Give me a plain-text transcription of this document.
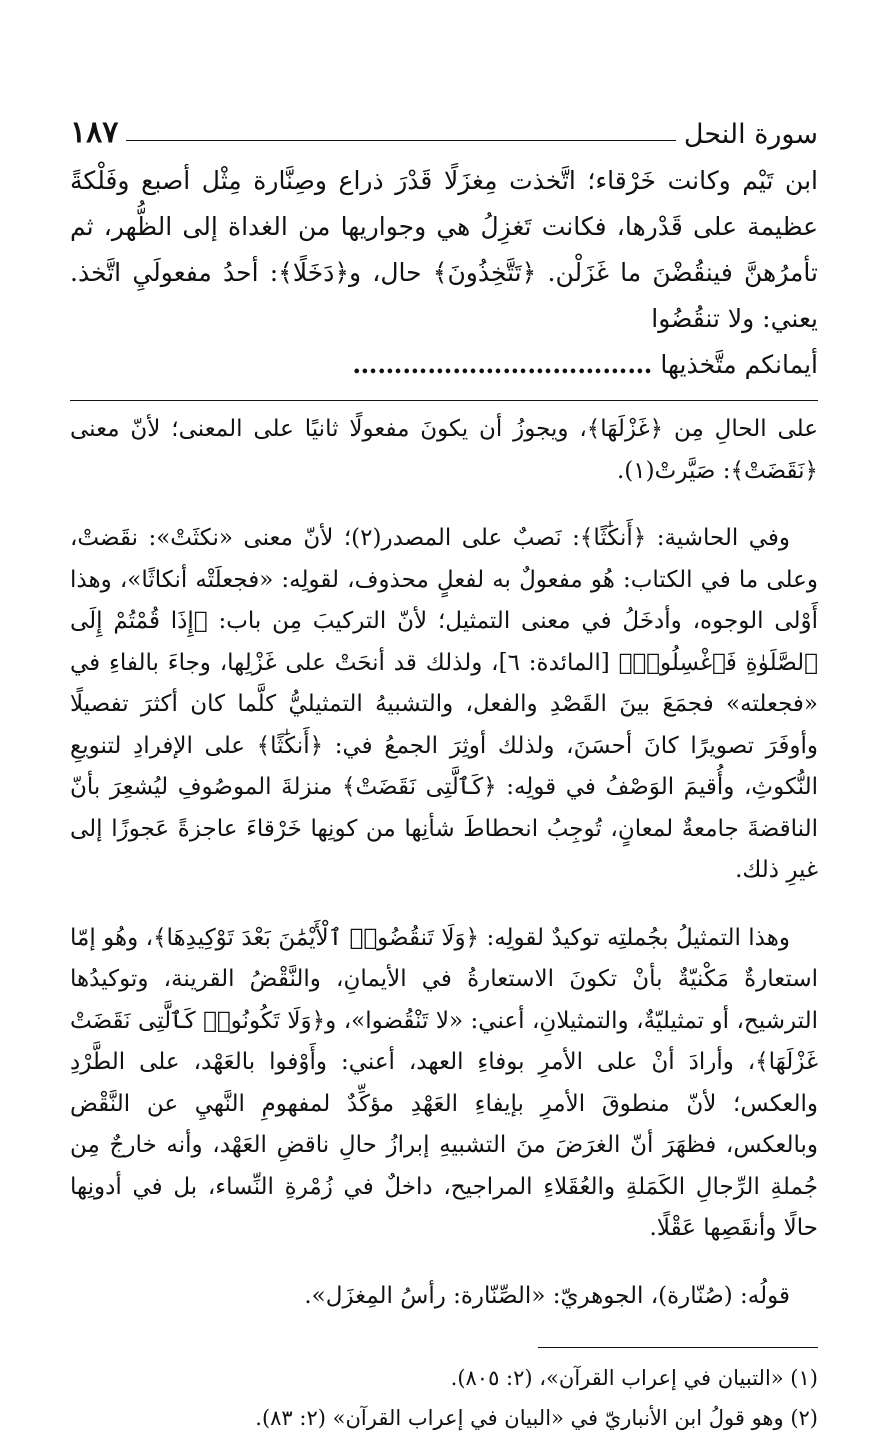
سورة النحل
١٨٧

ابن تَيْم وكانت خَرْقاء؛ اتَّخذت مِغزَلًا قَدْرَ ذراع وصِنَّارة مِثْل أصبع وفَلْكةً عظيمة على قَدْرها، فكانت تَغزِلُ هي وجواريها من الغداة إلى الظُّهر، ثم تأمرُهنَّ فينقُضْنَ ما غَزَلْن. ﴿تَتَّخِذُونَ﴾ حال، و﴿دَخَلًا﴾: أحدُ مفعولَيِ اتَّخذ. يعني: ولا تنقُضُوا

أيمانكم متَّخذيها ………………………………

على الحالِ مِن ﴿غَزْلَهَا﴾، ويجوزُ أن يكونَ مفعولًا ثانيًا على المعنى؛ لأنّ معنى ﴿نَقَضَتْ﴾: صَيَّرتْ(١).

وفي الحاشية: ﴿أَنكَٰثًا﴾: نَصبٌ على المصدر(٢)؛ لأنّ معنى «نكثَتْ»: نقَضتْ، وعلى ما في الكتاب: هُو مفعولٌ به لفعلٍ محذوف، لقولِه: «فجعلَتْه أنكاثًا»، وهذا أَوْلى الوجوه، وأدخَلُ في معنى التمثيل؛ لأنّ التركيبَ مِن باب: ﴿إِذَا قُمْتُمْ إِلَى ٱلصَّلَوٰةِ فَٱغْسِلُوا۟﴾ [المائدة: ٦]، ولذلك قد أنحَتْ على غَزْلِها، وجاءَ بالفاءِ في «فجعلته» فجمَعَ بينَ القَصْدِ والفعل، والتشبيهُ التمثيليُّ كلَّما كان أكثرَ تفصيلًا وأوفَرَ تصويرًا كانَ أحسَنَ، ولذلك أوثِرَ الجمعُ في: ﴿أَنكَٰثًا﴾ على الإفرادِ لتنويعِ النُّكوثِ، وأُقيمَ الوَصْفُ في قولِه: ﴿كَٱلَّتِى نَقَضَتْ﴾ منزلةَ الموصُوفِ ليُشعِرَ بأنّ الناقضةَ جامعةٌ لمعانٍ، تُوجِبُ انحطاطَ شأنِها من كونِها خَرْقاءَ عاجزةً عَجوزًا إلى غيرِ ذلك.

وهذا التمثيلُ بجُملتِه توكيدٌ لقولِه: ﴿وَلَا تَنقُضُوا۟ ٱلْأَيْمَٰنَ بَعْدَ تَوْكِيدِهَا﴾، وهُو إمّا استعارةٌ مَكْنيّةٌ بأنْ تكونَ الاستعارةُ في الأيمانِ، والنَّقْضُ القرينة، وتوكيدُها الترشيح، أو تمثيليّةٌ، والتمثيلانِ، أعني: «لا تَنْقُضوا»، و﴿وَلَا تَكُونُوا۟ كَٱلَّتِى نَقَضَتْ غَزْلَهَا﴾، وأرادَ أنْ على الأمرِ بوفاءِ العهد، أعني: وأَوْفوا بالعَهْد، على الطَّرْدِ والعكس؛ لأنّ منطوقَ الأمرِ بإيفاءِ العَهْدِ مؤكِّدٌ لمفهومِ النَّهيِ عن النَّقْض وبالعكس، فظهَرَ أنّ الغرَضَ منَ التشبيهِ إبرازُ حالِ ناقضِ العَهْد، وأنه خارجٌ مِن جُملةِ الرِّجالِ الكَمَلةِ والعُقَلاءِ المراجيح، داخلٌ في زُمْرةِ النِّساء، بل في أدونِها حالًا وأنقَصِها عَقْلًا.

قولُه: (صُنّارة)، الجوهريّ: «الصِّنّارة: رأسُ المِغزَل».

(١) «التبيان في إعراب القرآن»، (٢: ٨٠٥).
(٢) وهو قولُ ابن الأنباريّ في «البيان في إعراب القرآن» (٢: ٨٣).
